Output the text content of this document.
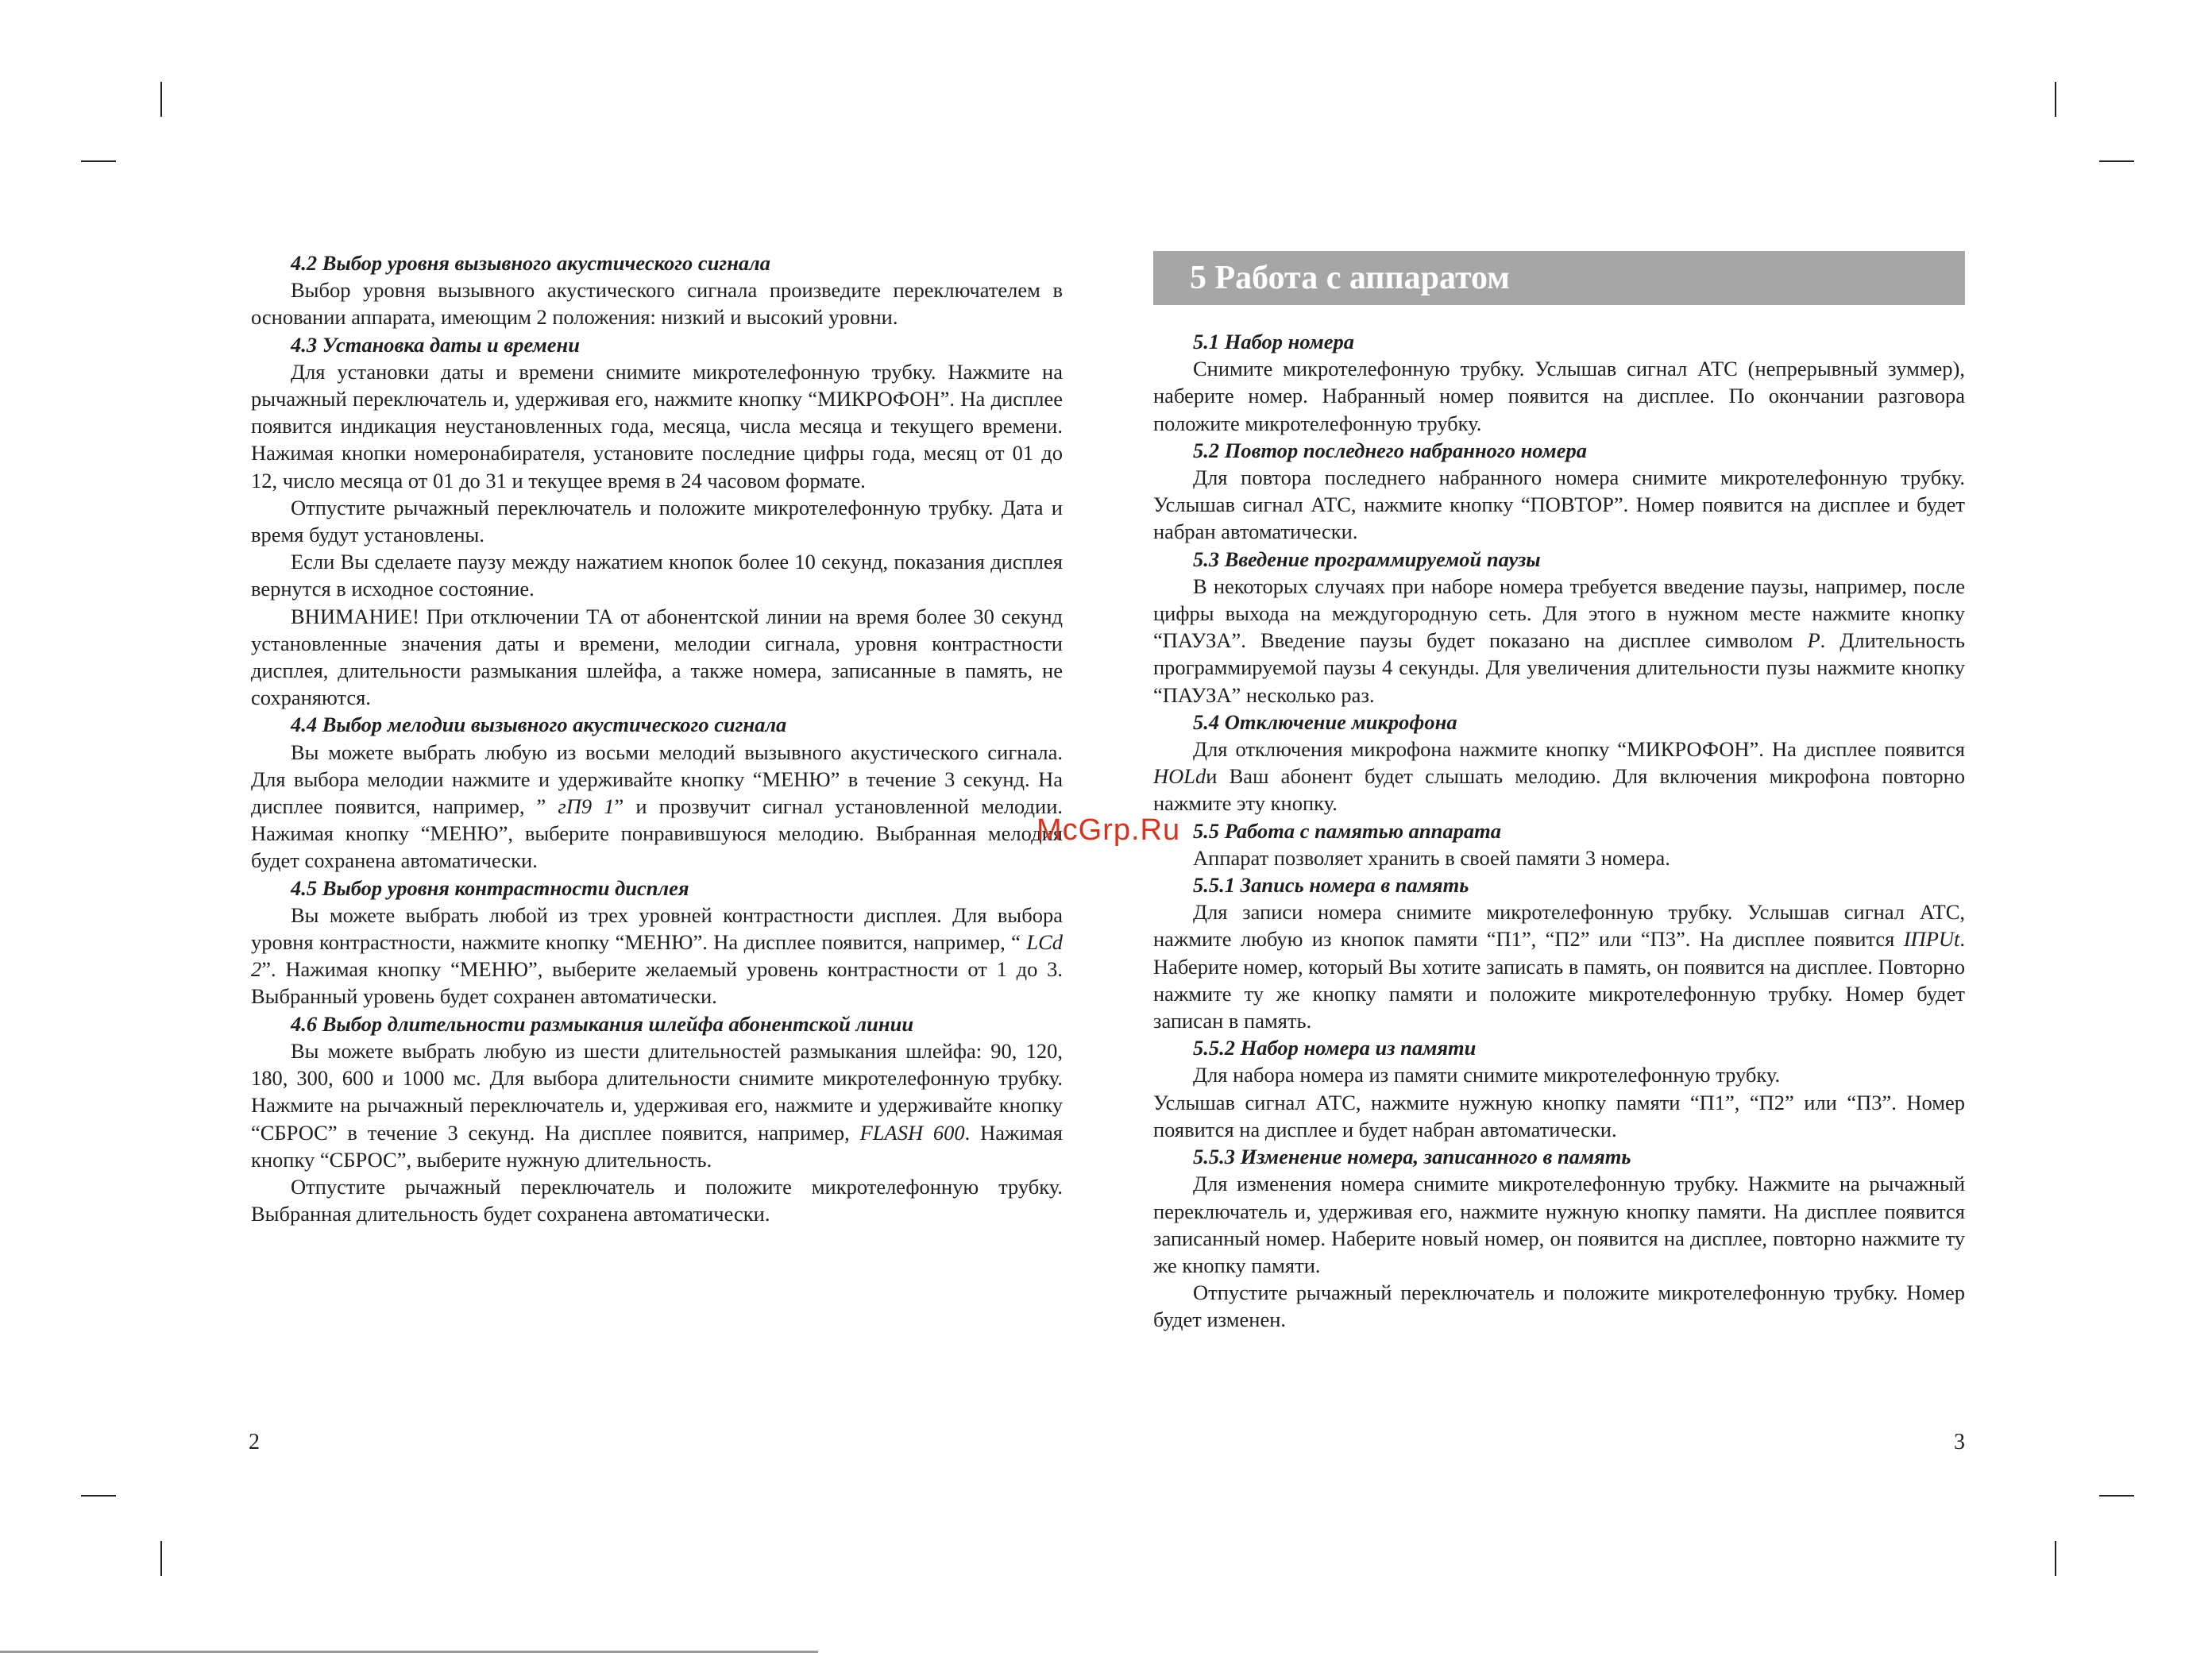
4.2 Выбор уровня вызывного акустического сигнала

Выбор уровня вызывного акустического сигнала произведите переключателем в основании аппарата, имеющим 2 положения: низкий и высокий уровни.

4.3 Установка даты и времени

Для установки даты и времени снимите микротелефонную трубку. Нажмите на рычажный переключатель и, удерживая его, нажмите кнопку “МИКРОФОН”. На дисплее появится индикация неустановленных года, месяца, числа месяца и текущего времени. Нажимая кнопки номеронабирателя, установите последние цифры года, месяц от 01 до 12, число месяца от 01 до 31 и текущее время в 24 часовом формате.

Отпустите рычажный переключатель и положите микротелефонную трубку. Дата и время будут установлены.

Если Вы сделаете паузу между нажатием кнопок более 10 секунд, показания дисплея вернутся в исходное состояние.

ВНИМАНИЕ! При отключении ТА от абонентской линии на время более 30 секунд установленные значения даты и времени, мелодии сигнала, уровня контрастности дисплея, длительности размыкания шлейфа, а также номера, записанные в память, не сохраняются.

4.4 Выбор мелодии вызывного акустического сигнала

Вы можете выбрать любую из восьми мелодий вызывного акустического сигнала. Для выбора мелодии нажмите и удерживайте кнопку “МЕНЮ” в течение 3 секунд. На дисплее появится, например, ” гП9 1” и прозвучит сигнал установленной мелодии. Нажимая кнопку “МЕНЮ”, выберите понравившуюся мелодию. Выбранная мелодия будет сохранена автоматически.

4.5 Выбор уровня контрастности дисплея

Вы можете выбрать любой из трех уровней контрастности дисплея. Для выбора уровня контрастности, нажмите кнопку “МЕНЮ”. На дисплее появится, например, “ LCd 2”. Нажимая кнопку “МЕНЮ”, выберите желаемый уровень контрастности от 1 до 3. Выбранный уровень будет сохранен автоматически.

4.6 Выбор длительности размыкания шлейфа абонентской линии

Вы можете выбрать любую из шести длительностей размыкания шлейфа: 90, 120, 180, 300, 600 и 1000 мс. Для выбора длительности снимите микротелефонную трубку. Нажмите на рычажный переключатель и, удерживая его, нажмите и удерживайте кнопку “СБРОС” в течение 3 секунд. На дисплее появится, например, FLASH 600. Нажимая кнопку “СБРОС”, выберите нужную длительность.

Отпустите рычажный переключатель и положите микротелефонную трубку. Выбранная длительность будет сохранена автоматически.

5 Работа с аппаратом
5.1 Набор номера

Снимите микротелефонную трубку. Услышав сигнал АТС (непрерывный зуммер), наберите номер. Набранный номер появится на дисплее. По окончании разговора положите микротелефонную трубку.

5.2 Повтор последнего набранного номера

Для повтора последнего набранного номера снимите микротелефонную трубку. Услышав сигнал АТС, нажмите кнопку “ПОВТОР”. Номер появится на дисплее и будет набран автоматически.

5.3 Введение программируемой паузы

В некоторых случаях при наборе номера требуется введение паузы, например, после цифры выхода на междугородную сеть. Для этого в нужном месте нажмите кнопку “ПАУЗА”. Введение паузы будет показано на дисплее символом P. Длительность программируемой паузы 4 секунды. Для увеличения длительности пузы нажмите кнопку “ПАУЗА” несколько раз.

5.4 Отключение микрофона

Для отключения микрофона нажмите кнопку “МИКРОФОН”. На дисплее появится HOLdи Ваш абонент будет слышать мелодию. Для включения микрофона повторно нажмите эту кнопку.

5.5 Работа с памятью аппарата

Аппарат позволяет хранить в своей памяти 3 номера.

5.5.1 Запись номера в память

Для записи номера снимите микротелефонную трубку. Услышав сигнал АТС, нажмите любую из кнопок памяти “П1”, “П2” или “П3”. На дисплее появится IПPUt. Наберите номер, который Вы хотите записать в память, он появится на дисплее. Повторно нажмите ту же кнопку памяти и положите микротелефонную трубку. Номер будет записан в память.

5.5.2 Набор номера из памяти

Для набора номера из памяти снимите микротелефонную трубку.

Услышав сигнал АТС, нажмите нужную кнопку памяти “П1”, “П2” или “П3”. Номер появится на дисплее и будет набран автоматически.

5.5.3 Изменение номера, записанного в память

Для изменения номера снимите микротелефонную трубку. Нажмите на рычажный переключатель и, удерживая его, нажмите нужную кнопку памяти. На дисплее появится записанный номер. Наберите новый номер, он появится на дисплее, повторно нажмите ту же кнопку памяти.

Отпустите рычажный переключатель и положите микротелефонную трубку. Номер будет изменен.

McGrp.Ru
2	3
